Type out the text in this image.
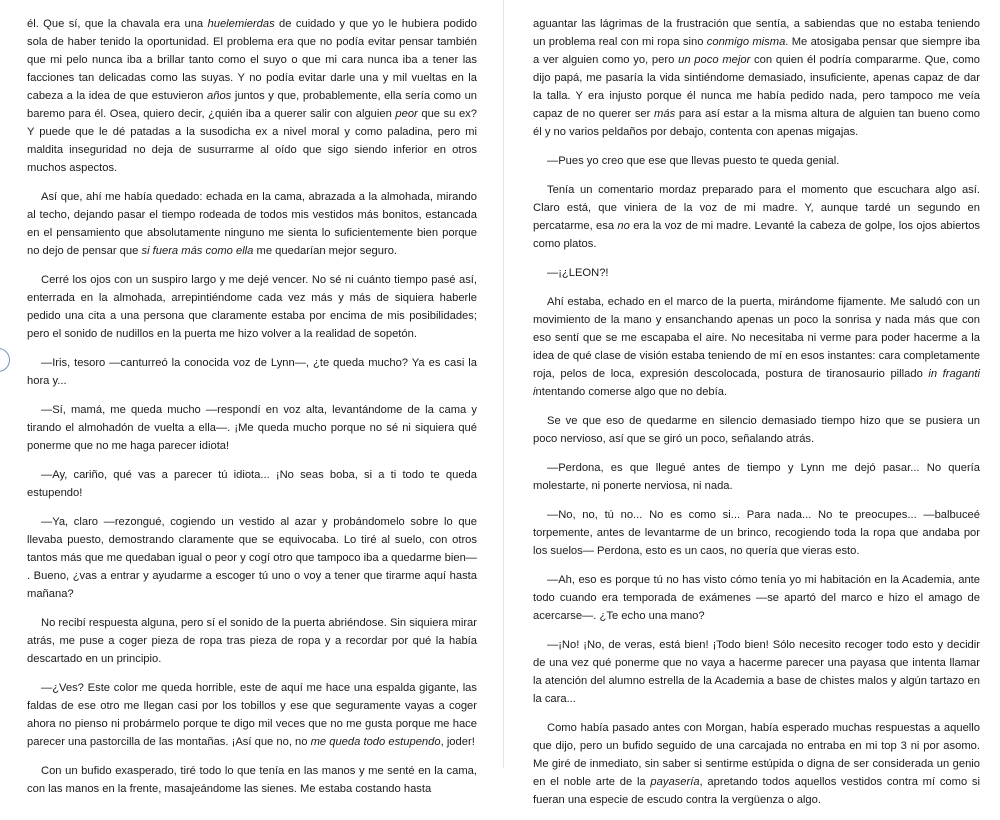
él. Que sí, que la chavala era una huelemierdas de cuidado y que yo le hubiera podido sola de haber tenido la oportunidad. El problema era que no podía evitar pensar también que mi pelo nunca iba a brillar tanto como el suyo o que mi cara nunca iba a tener las facciones tan delicadas como las suyas. Y no podía evitar darle una y mil vueltas en la cabeza a la idea de que estuvieron años juntos y que, probablemente, ella sería como un baremo para él. Osea, quiero decir, ¿quién iba a querer salir con alguien peor que su ex? Y puede que le dé patadas a la susodicha ex a nivel moral y como paladina, pero mi maldita inseguridad no deja de susurrarme al oído que sigo siendo inferior en otros muchos aspectos.

Así que, ahí me había quedado: echada en la cama, abrazada a la almohada, mirando al techo, dejando pasar el tiempo rodeada de todos mis vestidos más bonitos, estancada en el pensamiento que absolutamente ninguno me sienta lo suficientemente bien porque no dejo de pensar que si fuera más como ella me quedarían mejor seguro.

Cerré los ojos con un suspiro largo y me dejé vencer. No sé ni cuánto tiempo pasé así, enterrada en la almohada, arrepintiéndome cada vez más y más de siquiera haberle pedido una cita a una persona que claramente estaba por encima de mis posibilidades; pero el sonido de nudillos en la puerta me hizo volver a la realidad de sopetón.

—Iris, tesoro —canturreó la conocida voz de Lynn—, ¿te queda mucho? Ya es casi la hora y...

—Sí, mamá, me queda mucho —respondí en voz alta, levantándome de la cama y tirando el almohadón de vuelta a ella—. ¡Me queda mucho porque no sé ni siquiera qué ponerme que no me haga parecer idiota!

—Ay, cariño, qué vas a parecer tú idiota... ¡No seas boba, si a ti todo te queda estupendo!

—Ya, claro —rezongué, cogiendo un vestido al azar y probándomelo sobre lo que llevaba puesto, demostrando claramente que se equivocaba. Lo tiré al suelo, con otros tantos más que me quedaban igual o peor y cogí otro que tampoco iba a quedarme bien— . Bueno, ¿vas a entrar y ayudarme a escoger tú uno o voy a tener que tirarme aquí hasta mañana?

No recibí respuesta alguna, pero sí el sonido de la puerta abriéndose. Sin siquiera mirar atrás, me puse a coger pieza de ropa tras pieza de ropa y a recordar por qué la había descartado en un principio.

—¿Ves? Este color me queda horrible, este de aquí me hace una espalda gigante, las faldas de ese otro me llegan casi por los tobillos y ese que seguramente vayas a coger ahora no pienso ni probármelo porque te digo mil veces que no me gusta porque me hace parecer una pastorcilla de las montañas. ¡Así que no, no me queda todo estupendo, joder!

Con un bufido exasperado, tiré todo lo que tenía en las manos y me senté en la cama, con las manos en la frente, masajeándome las sienes. Me estaba costando hasta

aguantar las lágrimas de la frustración que sentía, a sabiendas que no estaba teniendo un problema real con mi ropa sino conmigo misma. Me atosigaba pensar que siempre iba a ver alguien como yo, pero un poco mejor con quien él podría compararme. Que, como dijo papá, me pasaría la vida sintiéndome demasiado, insuficiente, apenas capaz de dar la talla. Y era injusto porque él nunca me había pedido nada, pero tampoco me veía capaz de no querer ser más para así estar a la misma altura de alguien tan bueno como él y no varios peldaños por debajo, contenta con apenas migajas.

—Pues yo creo que ese que llevas puesto te queda genial.

Tenía un comentario mordaz preparado para el momento que escuchara algo así. Claro está, que viniera de la voz de mi madre. Y, aunque tardé un segundo en percatarme, esa no era la voz de mi madre. Levanté la cabeza de golpe, los ojos abiertos como platos.

—¡¿LEON?!

Ahí estaba, echado en el marco de la puerta, mirándome fijamente. Me saludó con un movimiento de la mano y ensanchando apenas un poco la sonrisa y nada más que con eso sentí que se me escapaba el aire. No necesitaba ni verme para poder hacerme a la idea de qué clase de visión estaba teniendo de mí en esos instantes: cara completamente roja, pelos de loca, expresión descolocada, postura de tiranosaurio pillado in fraganti intentando comerse algo que no debía.

Se ve que eso de quedarme en silencio demasiado tiempo hizo que se pusiera un poco nervioso, así que se giró un poco, señalando atrás.

—Perdona, es que llegué antes de tiempo y Lynn me dejó pasar... No quería molestarte, ni ponerte nerviosa, ni nada.

—No, no, tú no... No es como si... Para nada... No te preocupes... —balbuceé torpemente, antes de levantarme de un brinco, recogiendo toda la ropa que andaba por los suelos— Perdona, esto es un caos, no quería que vieras esto.

—Ah, eso es porque tú no has visto cómo tenía yo mi habitación en la Academia, ante todo cuando era temporada de exámenes —se apartó del marco e hizo el amago de acercarse—. ¿Te echo una mano?

—¡No! ¡No, de veras, está bien! ¡Todo bien! Sólo necesito recoger todo esto y decidir de una vez qué ponerme que no vaya a hacerme parecer una payasa que intenta llamar la atención del alumno estrella de la Academia a base de chistes malos y algún tartazo en la cara...

Como había pasado antes con Morgan, había esperado muchas respuestas a aquello que dijo, pero un bufido seguido de una carcajada no entraba en mi top 3 ni por asomo. Me giré de inmediato, sin saber si sentirme estúpida o digna de ser considerada un genio en el noble arte de la payasería, apretando todos aquellos vestidos contra mí como si fueran una especie de escudo contra la vergüenza o algo.
